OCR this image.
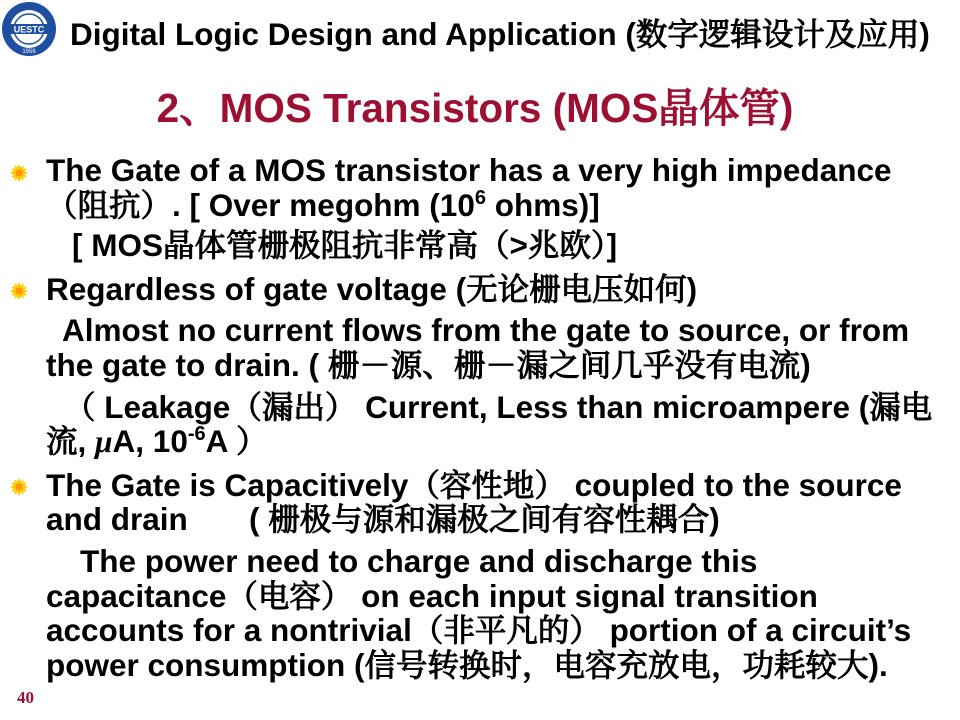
UESTC
1956 Digital Logic Design and Application (数字逻辑设计及应用)
2、MOS Transistors (MOS晶体管)
The Gate of a MOS transistor has a very high impedance
（阻抗）. [ Over megohm ($10^6$ ohms)]
[ MOS晶体管栅极阻抗非常高（>兆欧）]
Regardless of gate voltage (无论栅电压如何)
Almost no current flows from the gate to source, or from
the gate to drain. ( 栅－源、栅－漏之间几乎没有电流)
（ Leakage（漏出） Current, Less than microampere (漏电
流, μA, $10^{-6}A$ ）
The Gate is Capacitively（容性地） coupled to the source
and drain       ( 栅极与源和漏极之间有容性耦合)
The power need to charge and discharge this
capacitance（电容） on each input signal transition
accounts for a nontrivial（非平凡的） portion of a circuit’s
power consumption (信号转换时，电容充放电，功耗较大).
40
